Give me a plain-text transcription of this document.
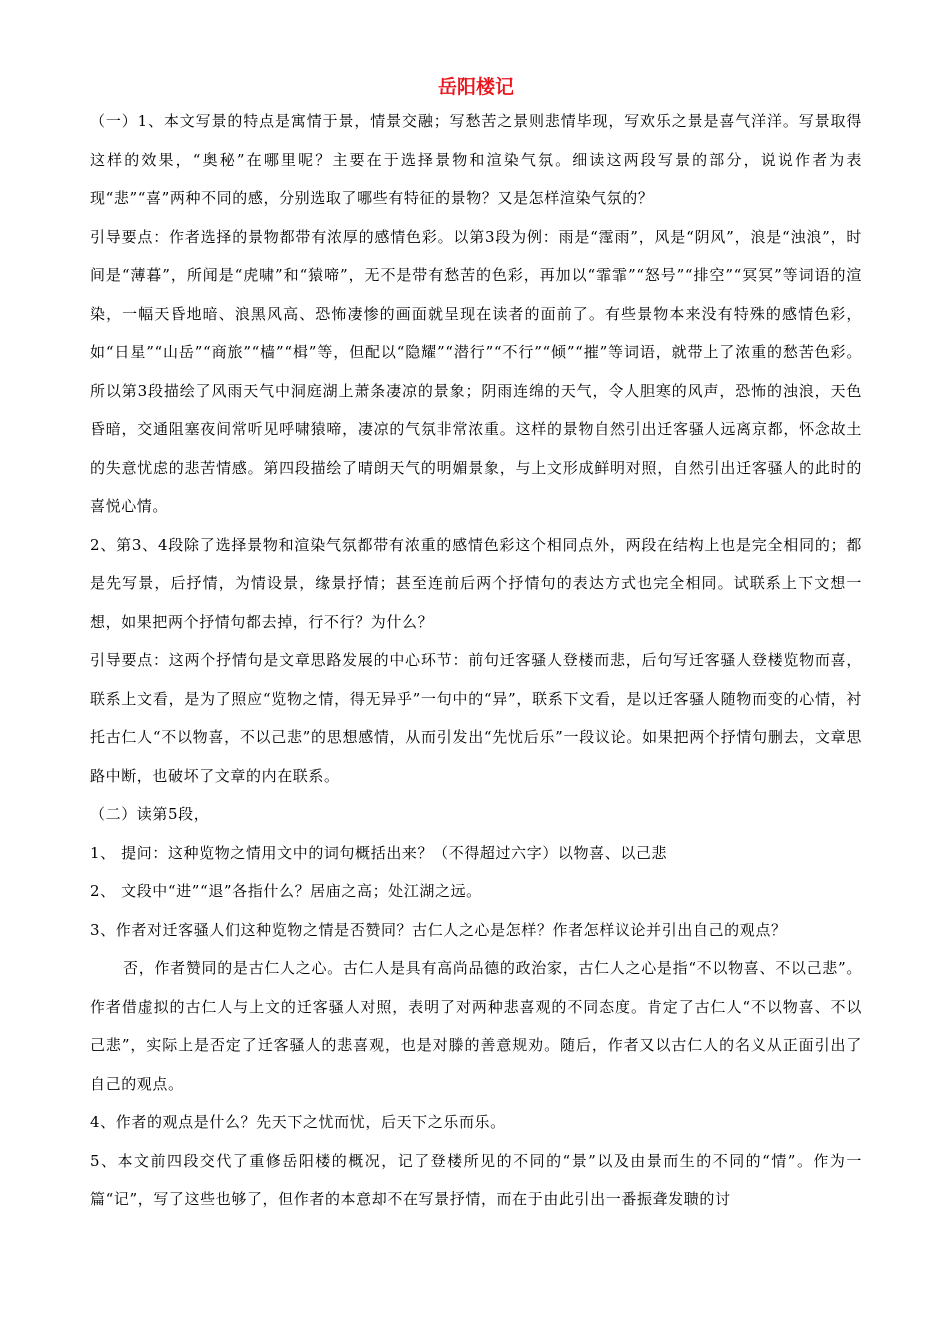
岳阳楼记

（一）1、本文写景的特点是寓情于景，情景交融；写愁苦之景则悲情毕现，写欢乐之景是喜气洋洋。写景取得这样的效果，“奥秘”在哪里呢？主要在于选择景物和渲染气氛。细读这两段写景的部分，说说作者为表现“悲”“喜”两种不同的感，分别选取了哪些有特征的景物？又是怎样渲染气氛的？

引导要点：作者选择的景物都带有浓厚的感情色彩。以第3段为例：雨是“霪雨”，风是“阴风”，浪是“浊浪”，时间是“薄暮”，所闻是“虎啸”和“猿啼”，无不是带有愁苦的色彩，再加以“霏霏”“怒号”“排空”“冥冥”等词语的渲染，一幅天昏地暗、浪黑风高、恐怖凄惨的画面就呈现在读者的面前了。有些景物本来没有特殊的感情色彩，如“日星”“山岳”“商旅”“樯”“楫”等，但配以“隐耀”“潜行”“不行”“倾”“摧”等词语，就带上了浓重的愁苦色彩。 所以第3段描绘了风雨天气中洞庭湖上萧条凄凉的景象；阴雨连绵的天气，令人胆寒的风声，恐怖的浊浪，天色昏暗，交通阻塞夜间常听见呼啸猿啼，凄凉的气氛非常浓重。这样的景物自然引出迁客骚人远离京都，怀念故土的失意忧虑的悲苦情感。第四段描绘了晴朗天气的明媚景象，与上文形成鲜明对照，自然引出迁客骚人的此时的喜悦心情。

2、第3、4段除了选择景物和渲染气氛都带有浓重的感情色彩这个相同点外，两段在结构上也是完全相同的；都是先写景，后抒情，为情设景，缘景抒情；甚至连前后两个抒情句的表达方式也完全相同。试联系上下文想一想，如果把两个抒情句都去掉，行不行？为什么？

引导要点：这两个抒情句是文章思路发展的中心环节：前句迁客骚人登楼而悲，后句写迁客骚人登楼览物而喜，联系上文看，是为了照应“览物之情，得无异乎”一句中的“异”，联系下文看，是以迁客骚人随物而变的心情，衬托古仁人“不以物喜，不以己悲”的思想感情，从而引发出“先忧后乐”一段议论。如果把两个抒情句删去，文章思路中断，也破坏了文章的内在联系。

（二）读第5段，

1、 提问：这种览物之情用文中的词句概括出来？（不得超过六字）以物喜、以己悲

2、 文段中“进”“退”各指什么？居庙之高；处江湖之远。

3、作者对迁客骚人们这种览物之情是否赞同？古仁人之心是怎样？作者怎样议论并引出自己的观点？

否，作者赞同的是古仁人之心。古仁人是具有高尚品德的政治家，古仁人之心是指“不以物喜、不以己悲”。作者借虚拟的古仁人与上文的迁客骚人对照，表明了对两种悲喜观的不同态度。肯定了古仁人“不以物喜、不以己悲”，实际上是否定了迁客骚人的悲喜观，也是对滕的善意规劝。随后，作者又以古仁人的名义从正面引出了自己的观点。

4、作者的观点是什么？先天下之忧而忧，后天下之乐而乐。

5、本文前四段交代了重修岳阳楼的概况，记了登楼所见的不同的“景”以及由景而生的不同的“情”。作为一篇“记”，写了这些也够了，但作者的本意却不在写景抒情，而在于由此引出一番振聋发聩的讨
